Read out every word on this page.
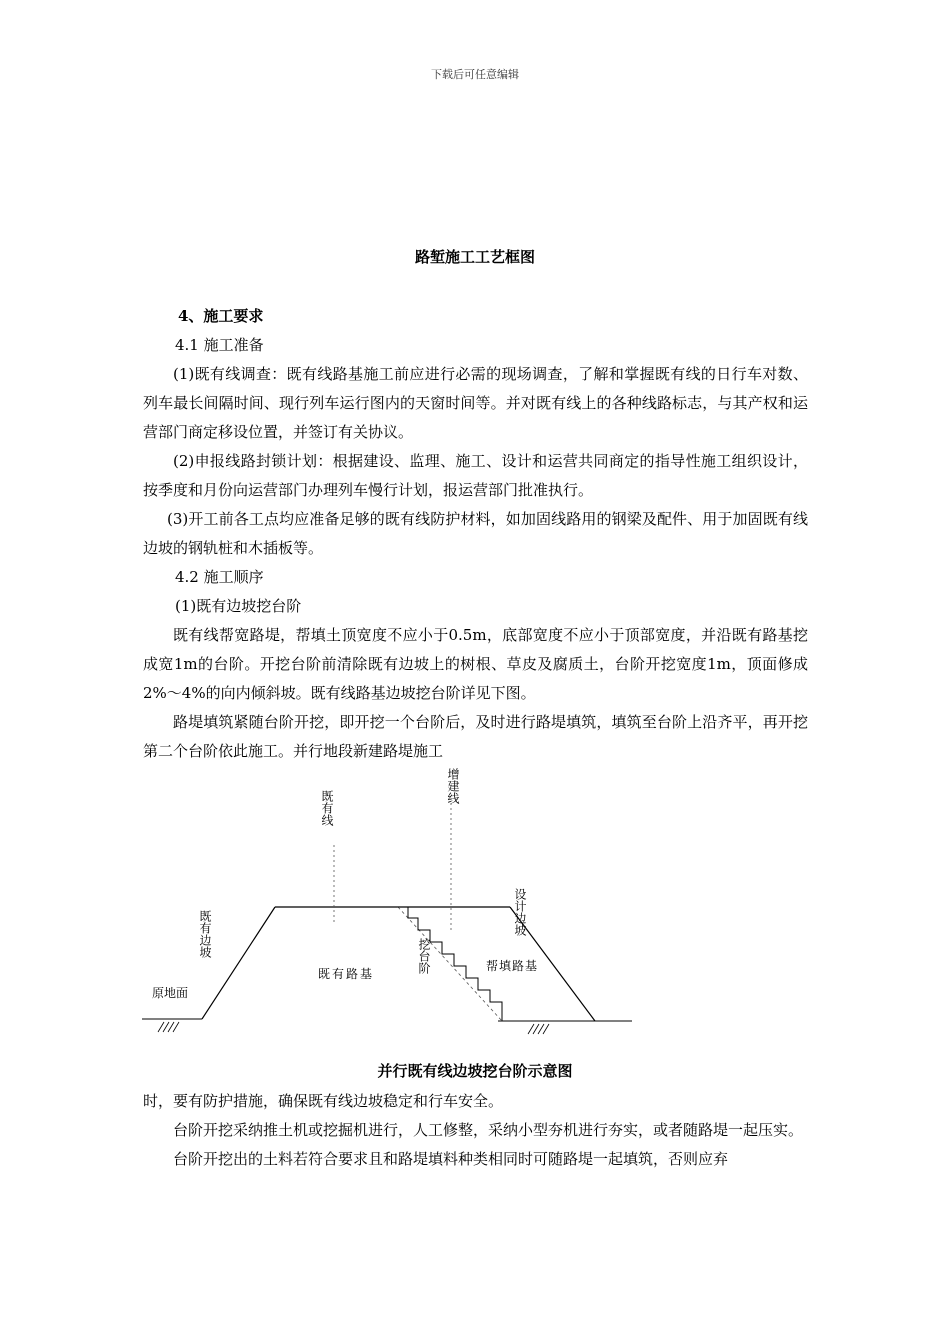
下载后可任意编辑
路堑施工工艺框图

4、施工要求

4.1 施工准备

(1)既有线调查：既有线路基施工前应进行必需的现场调查，了解和掌握既有线的日行车对数、列车最长间隔时间、现行列车运行图内的天窗时间等。并对既有线上的各种线路标志，与其产权和运营部门商定移设位置，并签订有关协议。

(2)申报线路封锁计划：根据建设、监理、施工、设计和运营共同商定的指导性施工组织设计，按季度和月份向运营部门办理列车慢行计划，报运营部门批准执行。

(3)开工前各工点均应准备足够的既有线防护材料，如加固线路用的钢梁及配件、用于加固既有线边坡的钢轨桩和木插板等。

4.2 施工顺序

(1)既有边坡挖台阶

既有线帮宽路堤，帮填土顶宽度不应小于0.5m，底部宽度不应小于顶部宽度，并沿既有路基挖成宽1m的台阶。开挖台阶前清除既有边坡上的树根、草皮及腐质土，台阶开挖宽度1m，顶面修成2%～4%的向内倾斜坡。既有线路基边坡挖台阶详见下图。

路堤填筑紧随台阶开挖，即开挖一个台阶后，及时进行路堤填筑，填筑至台阶上沿齐平，再开挖第二个台阶依此施工。并行地段新建路堤施工

既有线
增建线
设计边坡
既有边坡	挖台阶
原地面
既有路基
帮填路基
并行既有线边坡挖台阶示意图

时，要有防护措施，确保既有线边坡稳定和行车安全。

台阶开挖采纳推土机或挖掘机进行，人工修整，采纳小型夯机进行夯实，或者随路堤一起压实。

台阶开挖出的土料若符合要求且和路堤填料种类相同时可随路堤一起填筑，否则应弃
